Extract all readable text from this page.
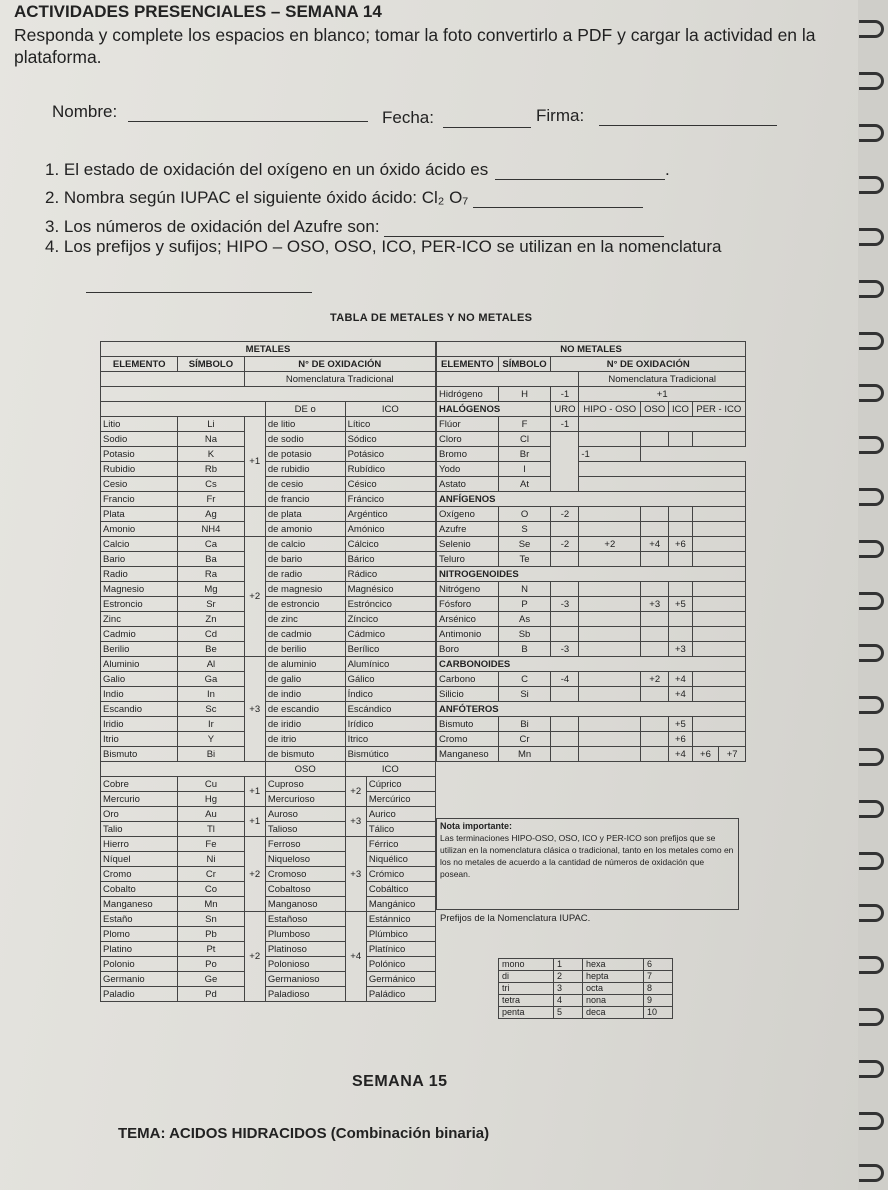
ACTIVIDADES PRESENCIALES – SEMANA 14
Responda y complete los espacios en blanco; tomar la foto convertirlo a PDF y cargar la actividad en la plataforma.
Nombre:	Fecha:	Firma:
1. El estado de oxidación del oxígeno en un óxido ácido es	.
2. Nombra según IUPAC el siguiente óxido ácido: Cl₂ O₇
3. Los números de oxidación del Azufre son:
4. Los prefijos y sufijos; HIPO – OSO, OSO, ICO, PER-ICO se utilizan en la nomenclatura
TABLA DE METALES Y NO METALES
METALES					
ELEMENTO	SÍMBOLO	N° DE OXIDACIÓN			
		Nomenclatura Tradicional			

			DE o	ICO	
Litio	Li	+1	de litio	Lítico	
Sodio	Na		de sodio	Sódico	
Potasio	K		de potasio	Potásico	
Rubidio	Rb		de rubidio	Rubídico	
Cesio	Cs		de cesio	Césico	
Francio	Fr		de francio	Fráncico	
Plata	Ag		de plata	Argéntico	
Amonio	NH4		de amonio	Amónico	
Calcio	Ca	+2	de calcio	Cálcico	
Bario	Ba		de bario	Bárico	
Radio	Ra		de radio	Rádico	
Magnesio	Mg		de magnesio	Magnésico	
Estroncio	Sr		de estroncio	Estróncico	
Zinc	Zn		de zinc	Zíncico	
Cadmio	Cd		de cadmio	Cádmico	
Berilio	Be		de berilio	Berílico	
Aluminio	Al	+3	de aluminio	Alumínico	
Galio	Ga		de galio	Gálico	
Indio	In		de indio	Índico	
Escandio	Sc		de escandio	Escándico	
Iridio	Ir		de iridio	Irídico	
Itrio	Y		de itrio	Itrico	
Bismuto	Bi		de bismuto	Bismútico	
			OSO	ICO	
Cobre	Cu	+1	Cuproso	+2	Cúprico
Mercurio	Hg		Mercurioso		Mercúrico
Oro	Au	+1	Auroso	+3	Aurico
Talio	Tl		Talioso		Tálico
Hierro	Fe	+2	Ferroso	+3	Férrico
Níquel	Ni		Niqueloso		Niquélico
Cromo	Cr		Cromoso		Crómico
Cobalto	Co		Cobaltoso		Cobáltico
Manganeso	Mn		Manganoso		Mangánico
Estaño	Sn	+2	Estañoso	+4	Estánnico
Plomo	Pb		Plumboso		Plúmbico
Platino	Pt		Platinoso		Platínico
Polonio	Po		Polonioso		Polónico
Germanio	Ge		Germanioso		Germánico
Paladio	Pd		Paladioso		Paládico
NO METALES							
ELEMENTO	SÍMBOLO	N° DE OXIDACIÓN					
			Nomenclatura Tradicional				
Hidrógeno	H	-1	+1				
HALÓGENOS		URO	HIPO - OSO	OSO	ICO	PER - ICO	
Flúor	F	-1					
Cloro	Cl						
Bromo	Br		-1				
Yodo	I						
Astato	At						
ANFÍGENOS							
Oxígeno	O	-2					
Azufre	S						
Selenio	Se	-2	+2	+4	+6		
Teluro	Te						
NITROGENOIDES							
Nitrógeno	N						
Fósforo	P	-3		+3	+5		
Arsénico	As						
Antimonio	Sb						
Boro	B	-3			+3		
CARBONOIDES							
Carbono	C	-4		+2	+4		
Silicio	Si				+4		
ANFÓTEROS							
Bismuto	Bi				+5		
Cromo	Cr				+6		
Manganeso	Mn				+4	+6	+7
Nota importante:
Las terminaciones HIPO-OSO, OSO, ICO y PER-ICO son prefijos que se utilizan en la nomenclatura clásica o tradicional, tanto en los metales como en los no metales de acuerdo a la cantidad de números de oxidación que posean.
Prefijos de la Nomenclatura IUPAC.
mono	1	hexa	6
di	2	hepta	7
tri	3	octa	8
tetra	4	nona	9
penta	5	deca	10
SEMANA 15
TEMA: ACIDOS HIDRACIDOS (Combinación binaria)
